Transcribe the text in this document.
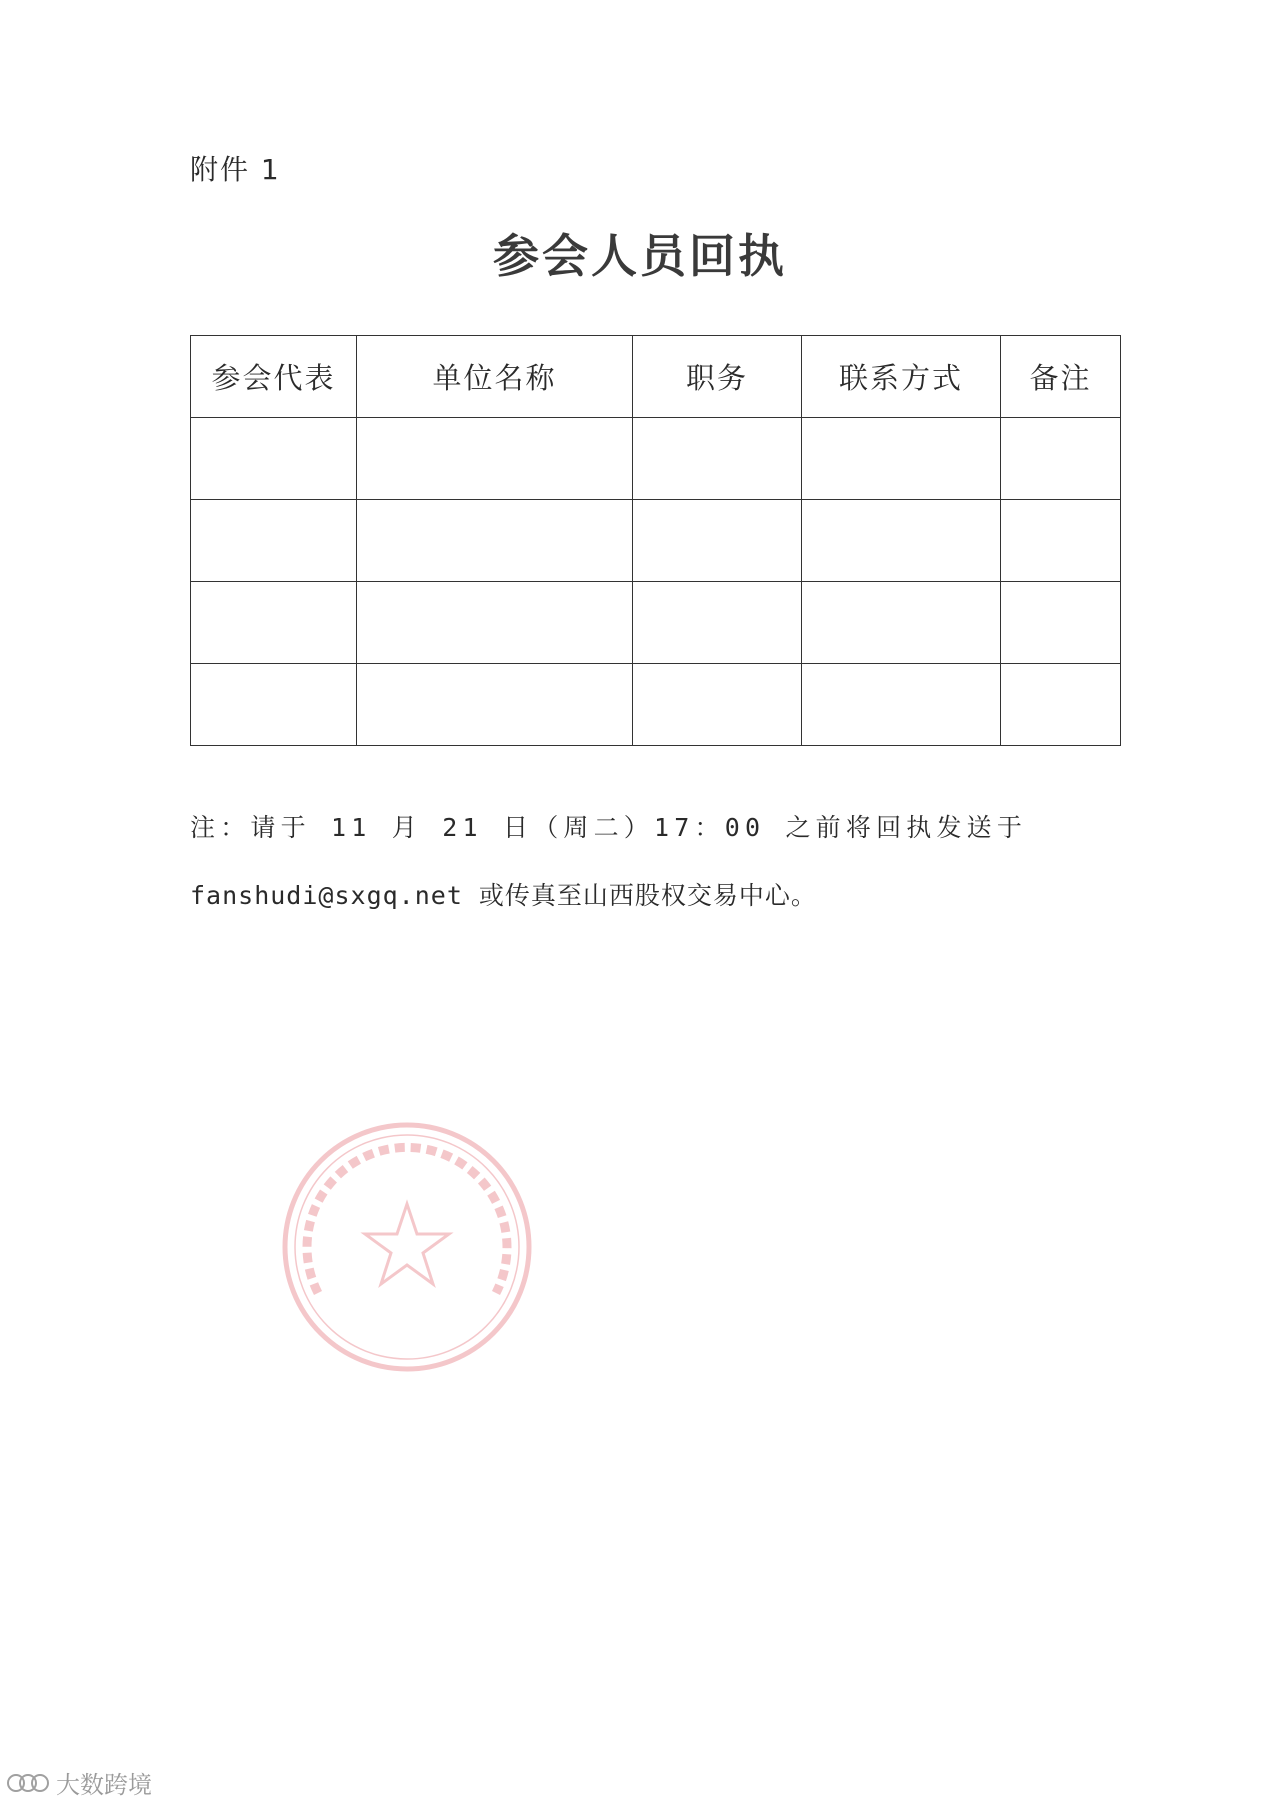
附件 1
参会人员回执
参会代表	单位名称	职务	联系方式	备注

注：请于 11 月 21 日（周二）17：00 之前将回执发送于
fanshudi@sxgq.net 或传真至山西股权交易中心。
大数跨境
